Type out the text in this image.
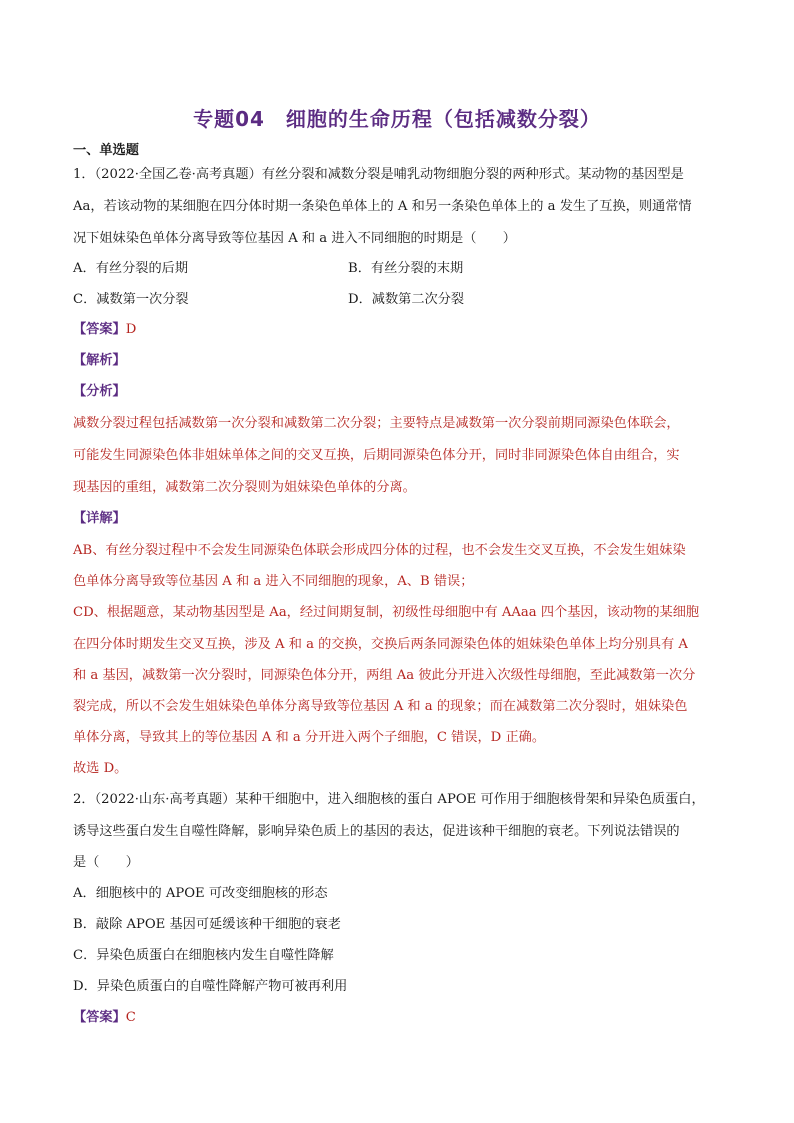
专题04　细胞的生命历程（包括减数分裂）
一、单选题
1．（2022·全国乙卷·高考真题）有丝分裂和减数分裂是哺乳动物细胞分裂的两种形式。某动物的基因型是
Aa，若该动物的某细胞在四分体时期一条染色单体上的 A 和另一条染色单体上的 a 发生了互换，则通常情
况下姐妹染色单体分离导致等位基因 A 和 a 进入不同细胞的时期是（　　）
A．有丝分裂的后期	B．有丝分裂的末期
C．减数第一次分裂	D．减数第二次分裂
【答案】D
【解析】
【分析】
减数分裂过程包括减数第一次分裂和减数第二次分裂；主要特点是减数第一次分裂前期同源染色体联会，
可能发生同源染色体非姐妹单体之间的交叉互换，后期同源染色体分开，同时非同源染色体自由组合，实
现基因的重组，减数第二次分裂则为姐妹染色单体的分离。
【详解】
AB、有丝分裂过程中不会发生同源染色体联会形成四分体的过程，也不会发生交叉互换，不会发生姐妹染
色单体分离导致等位基因 A 和 a 进入不同细胞的现象，A、B 错误；
CD、根据题意，某动物基因型是 Aa，经过间期复制，初级性母细胞中有 AAaa 四个基因，该动物的某细胞
在四分体时期发生交叉互换，涉及 A 和 a 的交换，交换后两条同源染色体的姐妹染色单体上均分别具有 A
和 a 基因，减数第一次分裂时，同源染色体分开，两组 Aa 彼此分开进入次级性母细胞，至此减数第一次分
裂完成，所以不会发生姐妹染色单体分离导致等位基因 A 和 a 的现象；而在减数第二次分裂时，姐妹染色
单体分离，导致其上的等位基因 A 和 a 分开进入两个子细胞，C 错误，D 正确。
故选 D。
2．（2022·山东·高考真题）某种干细胞中，进入细胞核的蛋白 APOE 可作用于细胞核骨架和异染色质蛋白，
诱导这些蛋白发生自噬性降解，影响异染色质上的基因的表达，促进该种干细胞的衰老。下列说法错误的
是（　　）
A．细胞核中的 APOE 可改变细胞核的形态
B．敲除 APOE 基因可延缓该种干细胞的衰老
C．异染色质蛋白在细胞核内发生自噬性降解
D．异染色质蛋白的自噬性降解产物可被再利用
【答案】C
